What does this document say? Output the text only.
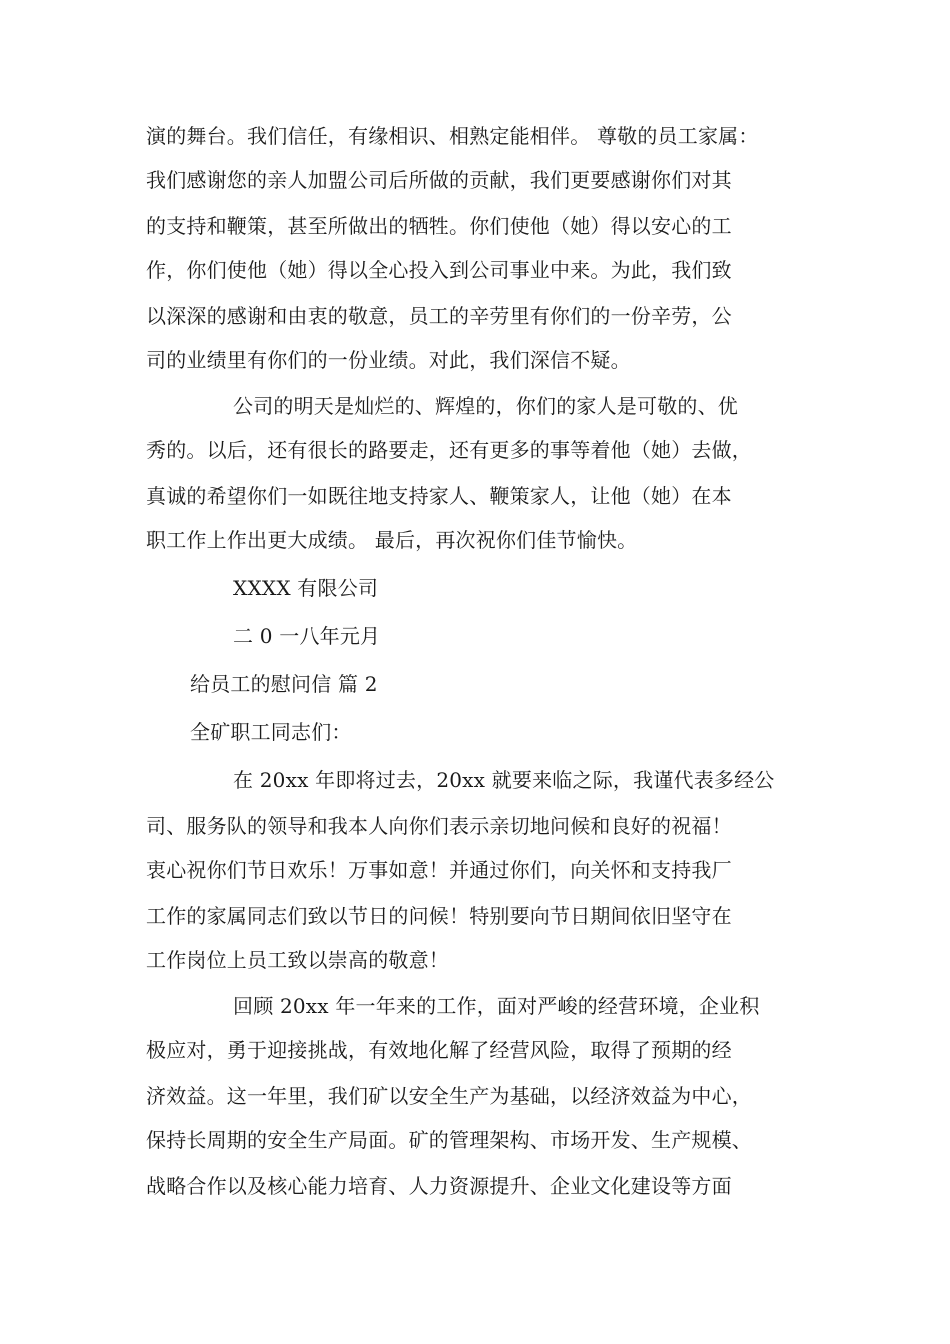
演的舞台。我们信任，有缘相识、相熟定能相伴。 尊敬的员工家属：
我们感谢您的亲人加盟公司后所做的贡献，我们更要感谢你们对其
的支持和鞭策，甚至所做出的牺牲。你们使他（她）得以安心的工
作，你们使他（她）得以全心投入到公司事业中来。为此，我们致
以深深的感谢和由衷的敬意，员工的辛劳里有你们的一份辛劳，公
司的业绩里有你们的一份业绩。对此，我们深信不疑。
公司的明天是灿烂的、辉煌的，你们的家人是可敬的、优
秀的。以后，还有很长的路要走，还有更多的事等着他（她）去做，
真诚的希望你们一如既往地支持家人、鞭策家人，让他（她）在本
职工作上作出更大成绩。 最后，再次祝你们佳节愉快。
XXXX 有限公司
二 0 一八年元月
给员工的慰问信 篇 2
全矿职工同志们：
在 20xx 年即将过去，20xx 就要来临之际，我谨代表多经公
司、服务队的领导和我本人向你们表示亲切地问候和良好的祝福！
衷心祝你们节日欢乐！万事如意！并通过你们，向关怀和支持我厂
工作的家属同志们致以节日的问候！特别要向节日期间依旧坚守在
工作岗位上员工致以崇高的敬意！
回顾 20xx 年一年来的工作，面对严峻的经营环境，企业积
极应对，勇于迎接挑战，有效地化解了经营风险，取得了预期的经
济效益。这一年里，我们矿以安全生产为基础，以经济效益为中心，
保持长周期的安全生产局面。矿的管理架构、市场开发、生产规模、
战略合作以及核心能力培育、人力资源提升、企业文化建设等方面
